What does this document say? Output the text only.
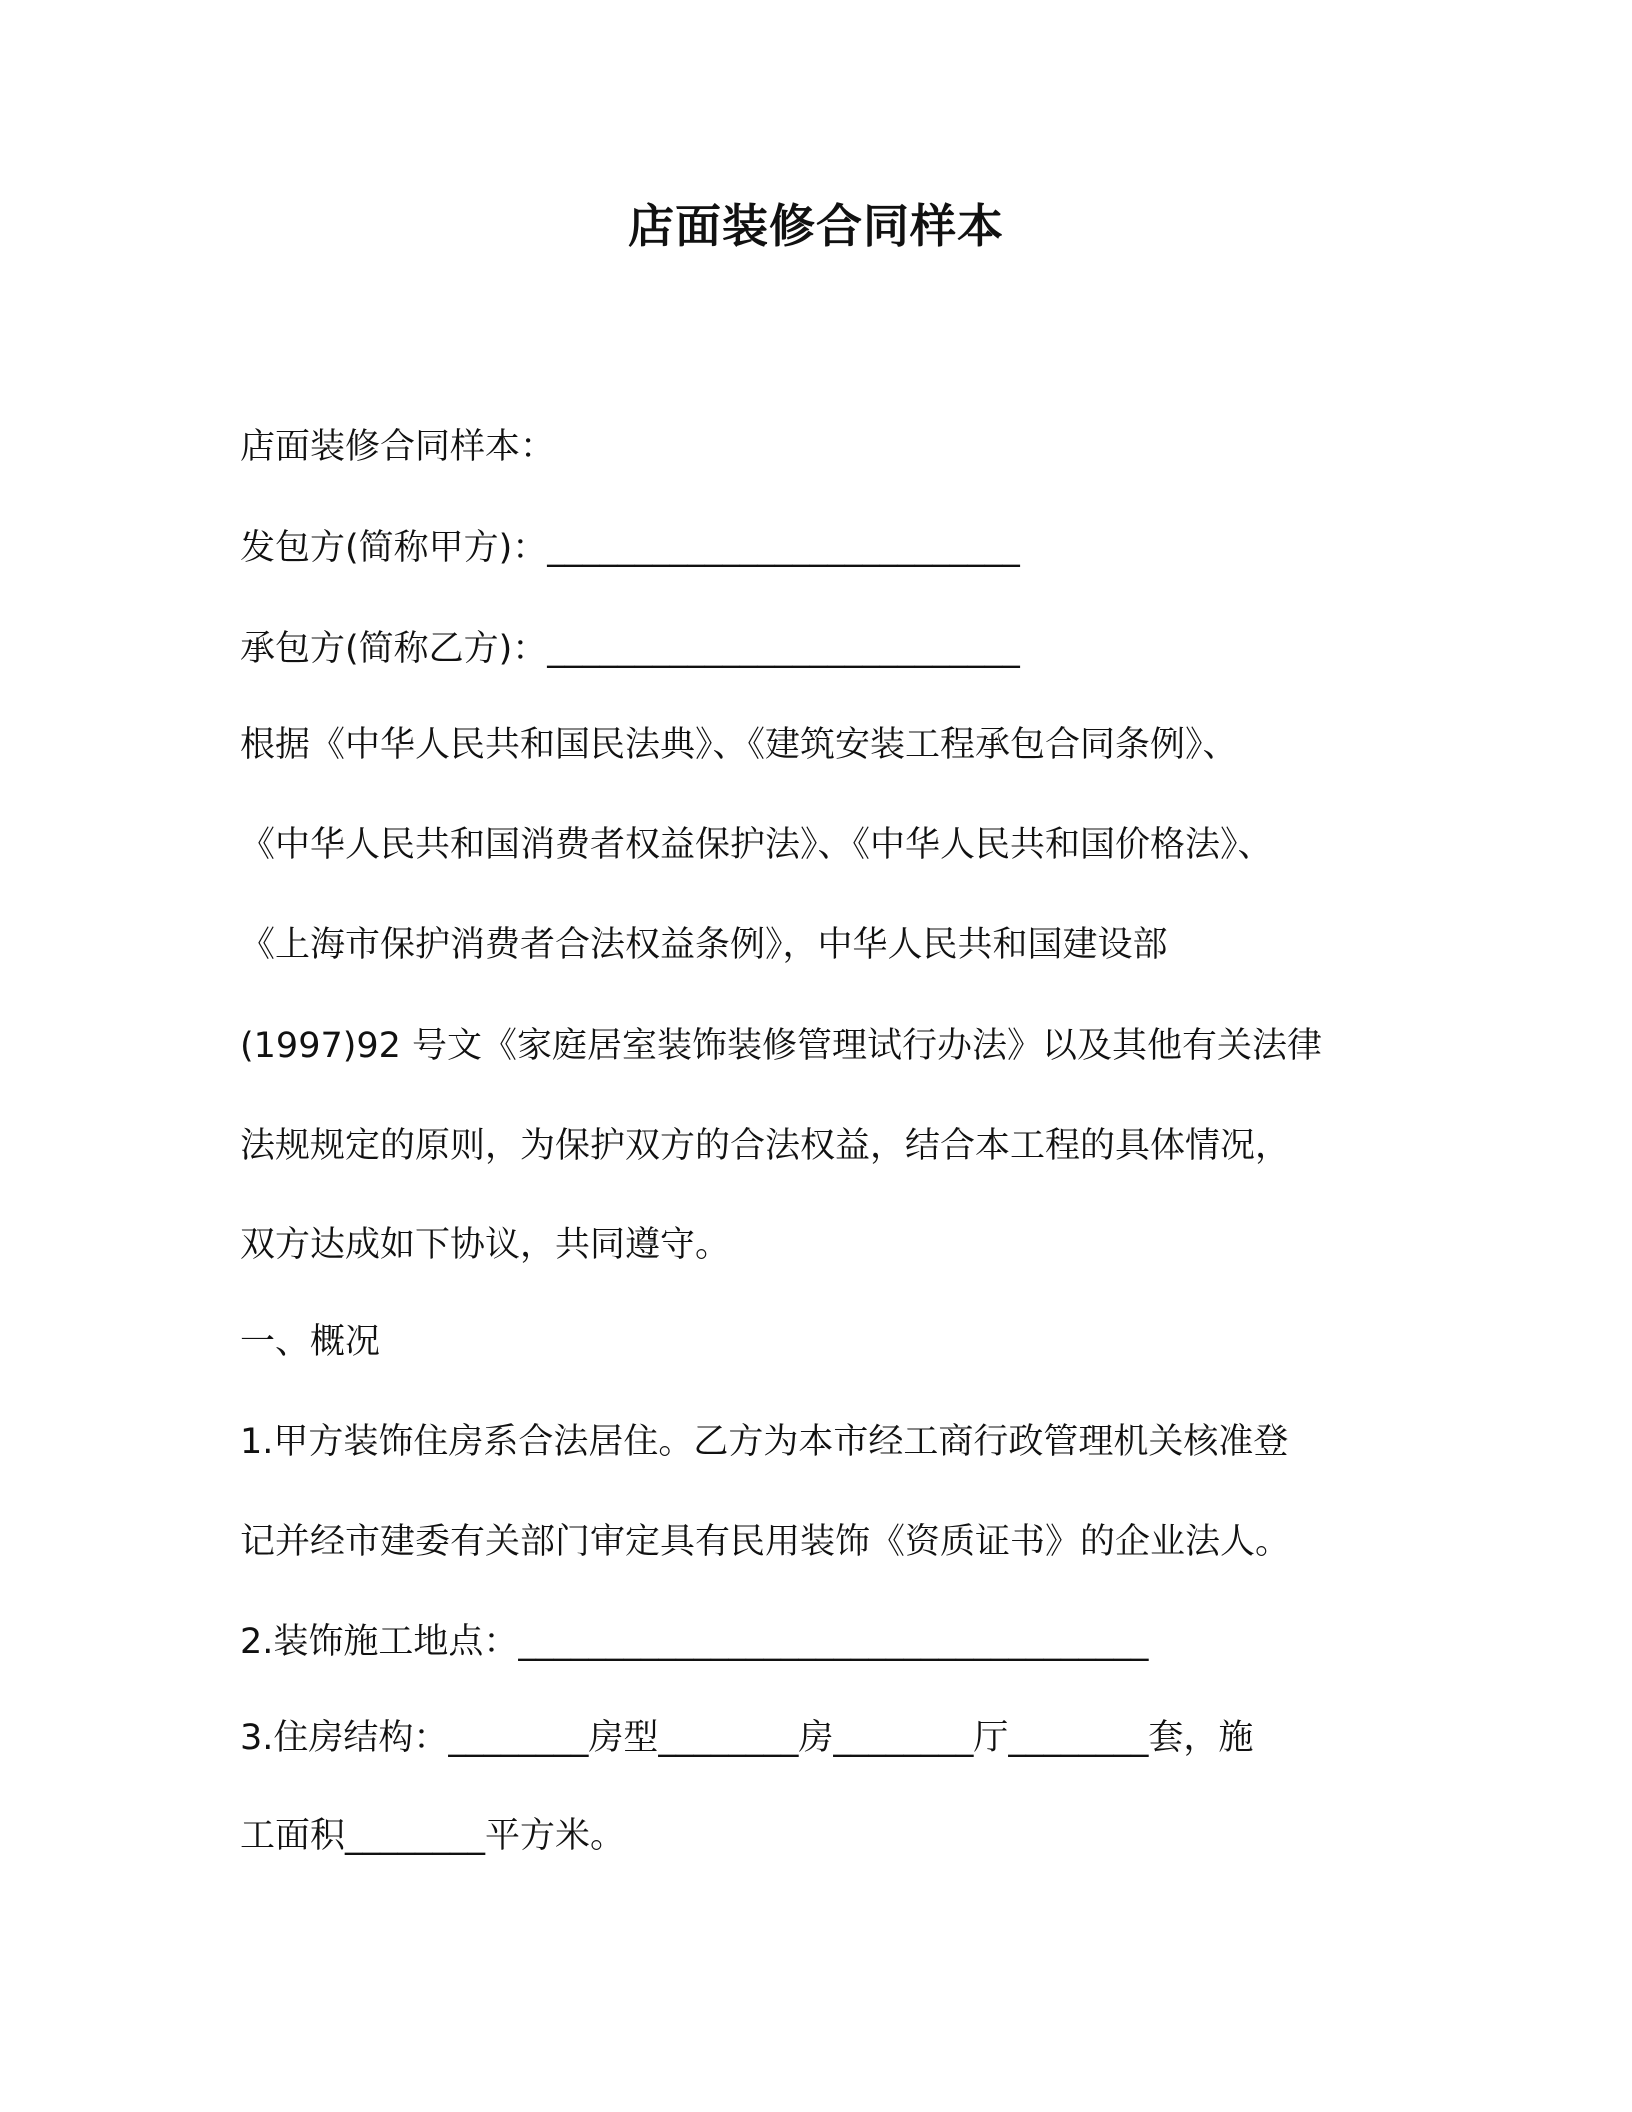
店面装修合同样本
店面装修合同样本：
发包方(简称甲方)：___________________________
承包方(简称乙方)：___________________________
根据《中华人民共和国民法典》、《建筑安装工程承包合同条例》、
《中华人民共和国消费者权益保护法》、《中华人民共和国价格法》、
《上海市保护消费者合法权益条例》，中华人民共和国建设部
(1997)92 号文《家庭居室装饰装修管理试行办法》以及其他有关法律
法规规定的原则，为保护双方的合法权益，结合本工程的具体情况，
双方达成如下协议，共同遵守。
一、概况
1.甲方装饰住房系合法居住。乙方为本市经工商行政管理机关核准登
记并经市建委有关部门审定具有民用装饰《资质证书》的企业法人。
2.装饰施工地点：____________________________________
3.住房结构：________房型________房________厅________套，施
工面积________平方米。
